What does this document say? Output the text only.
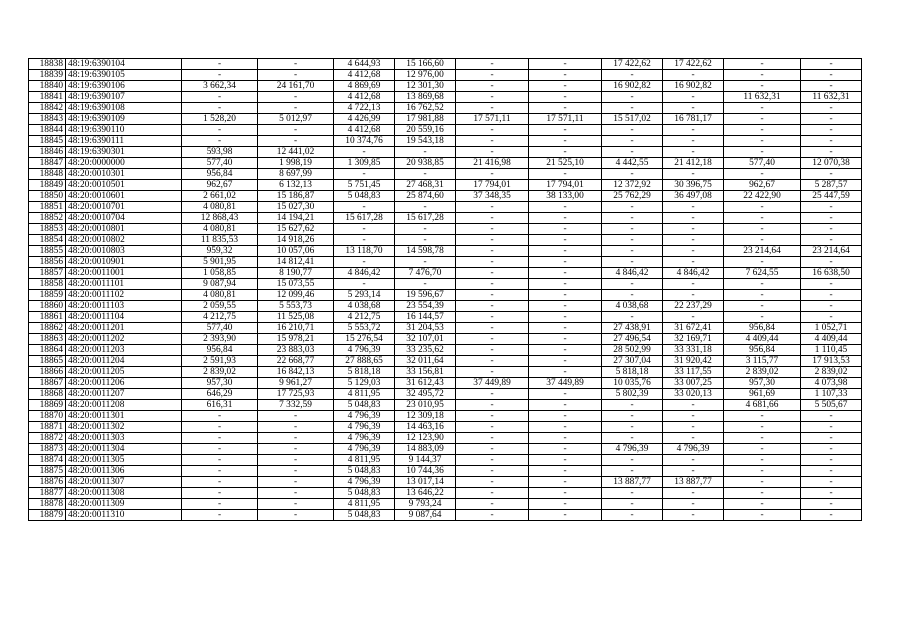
18838	48:19:6390104	-	-	4 644,93	15 166,60	-	-	17 422,62	17 422,62	-	-
18839	48:19:6390105	-	-	4 412,68	12 976,00	-	-	-	-	-	-
18840	48:19:6390106	3 662,34	24 161,70	4 869,69	12 301,30	-	-	16 902,82	16 902,82	-	-
18841	48:19:6390107	-	-	4 412,68	13 869,68	-	-	-	-	11 632,31	11 632,31
18842	48:19:6390108	-	-	4 722,13	16 762,52	-	-	-	-	-	-
18843	48:19:6390109	1 528,20	5 012,97	4 426,99	17 981,88	17 571,11	17 571,11	15 517,02	16 781,17	-	-
18844	48:19:6390110	-	-	4 412,68	20 559,16	-	-	-	-	-	-
18845	48:19:6390111	-	-	10 374,76	19 543,18	-	-	-	-	-	-
18846	48:19:6390301	593,98	12 441,02	-	-	-	-	-	-	-	-
18847	48:20:0000000	577,40	1 998,19	1 309,85	20 938,85	21 416,98	21 525,10	4 442,55	21 412,18	577,40	12 070,38
18848	48:20:0010301	956,84	8 697,99	-	-	-	-	-	-	-	-
18849	48:20:0010501	962,67	6 132,13	5 751,45	27 468,31	17 794,01	17 794,01	12 372,92	30 396,75	962,67	5 287,57
18850	48:20:0010601	2 661,02	15 186,87	5 048,83	25 874,60	37 348,35	38 133,00	25 762,29	36 497,08	22 422,90	25 447,59
18851	48:20:0010701	4 080,81	15 027,30	-	-	-	-	-	-	-	-
18852	48:20:0010704	12 868,43	14 194,21	15 617,28	15 617,28	-	-	-	-	-	-
18853	48:20:0010801	4 080,81	15 627,62	-	-	-	-	-	-	-	-
18854	48:20:0010802	11 835,53	14 918,26	-	-	-	-	-	-	-	-
18855	48:20:0010803	959,32	10 057,06	13 118,70	14 598,78	-	-	-	-	23 214,64	23 214,64
18856	48:20:0010901	5 901,95	14 812,41	-	-	-	-	-	-	-	-
18857	48:20:0011001	1 058,85	8 190,77	4 846,42	7 476,70	-	-	4 846,42	4 846,42	7 624,55	16 638,50
18858	48:20:0011101	9 087,94	15 073,55	-	-	-	-	-	-	-	-
18859	48:20:0011102	4 080,81	12 099,46	5 293,14	19 596,67	-	-	-	-	-	-
18860	48:20:0011103	2 059,55	5 553,73	4 038,68	23 554,39	-	-	4 038,68	22 237,29	-	-
18861	48:20:0011104	4 212,75	11 525,08	4 212,75	16 144,57	-	-	-	-	-	-
18862	48:20:0011201	577,40	16 210,71	5 553,72	31 204,53	-	-	27 438,91	31 672,41	956,84	1 052,71
18863	48:20:0011202	2 393,90	15 978,21	15 276,54	32 107,01	-	-	27 496,54	32 169,71	4 409,44	4 409,44
18864	48:20:0011203	956,84	23 883,03	4 796,39	33 235,62	-	-	28 502,99	33 331,18	956,84	1 110,45
18865	48:20:0011204	2 591,93	22 668,77	27 888,65	32 011,64	-	-	27 307,04	31 920,42	3 115,77	17 913,53
18866	48:20:0011205	2 839,02	16 842,13	5 818,18	33 156,81	-	-	5 818,18	33 117,55	2 839,02	2 839,02
18867	48:20:0011206	957,30	9 961,27	5 129,03	31 612,43	37 449,89	37 449,89	10 035,76	33 007,25	957,30	4 073,98
18868	48:20:0011207	646,29	17 725,93	4 811,95	32 495,72	-	-	5 802,39	33 020,13	961,69	1 107,33
18869	48:20:0011208	616,31	7 332,59	5 048,83	23 010,95	-	-	-	-	4 681,66	5 505,67
18870	48:20:0011301	-	-	4 796,39	12 309,18	-	-	-	-	-	-
18871	48:20:0011302	-	-	4 796,39	14 463,16	-	-	-	-	-	-
18872	48:20:0011303	-	-	4 796,39	12 123,90	-	-	-	-	-	-
18873	48:20:0011304	-	-	4 796,39	14 883,09	-	-	4 796,39	4 796,39	-	-
18874	48:20:0011305	-	-	4 811,95	9 144,37	-	-	-	-	-	-
18875	48:20:0011306	-	-	5 048,83	10 744,36	-	-	-	-	-	-
18876	48:20:0011307	-	-	4 796,39	13 017,14	-	-	13 887,77	13 887,77	-	-
18877	48:20:0011308	-	-	5 048,83	13 646,22	-	-	-	-	-	-
18878	48:20:0011309	-	-	4 811,95	9 793,24	-	-	-	-	-	-
18879	48:20:0011310	-	-	5 048,83	9 087,64	-	-	-	-	-	-
